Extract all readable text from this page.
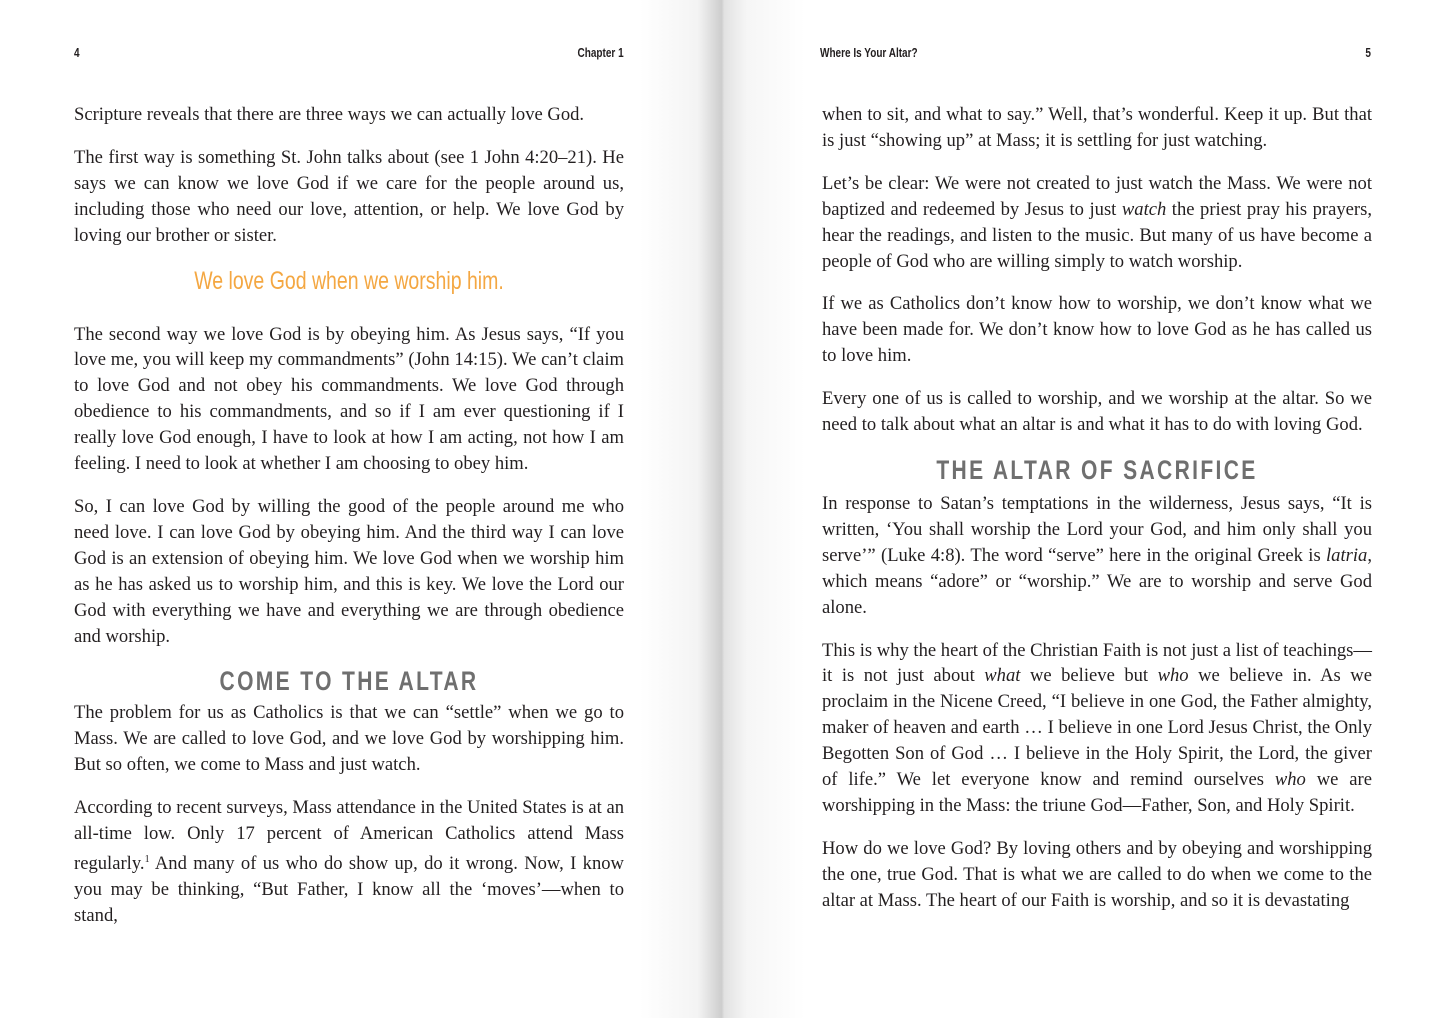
4	Chapter 1

Scripture reveals that there are three ways we can actually love God.

The first way is something St. John talks about (see 1 John 4:20–21). He says we can know we love God if we care for the people around us, including those who need our love, attention, or help. We love God by loving our brother or sister.

We love God when we worship him.

The second way we love God is by obeying him. As Jesus says, “If you love me, you will keep my commandments” (John 14:15). We can’t claim to love God and not obey his commandments. We love God through obedience to his commandments, and so if I am ever questioning if I really love God enough, I have to look at how I am acting, not how I am feeling. I need to look at whether I am choosing to obey him.

So, I can love God by willing the good of the people around me who need love. I can love God by obeying him. And the third way I can love God is an extension of obeying him. We love God when we worship him as he has asked us to worship him, and this is key. We love the Lord our God with everything we have and everything we are through obedience and worship.

COME TO THE ALTAR

The problem for us as Catholics is that we can “settle” when we go to Mass. We are called to love God, and we love God by worshipping him. But so often, we come to Mass and just watch.

According to recent surveys, Mass attendance in the United States is at an all-time low. Only 17 percent of American Catholics attend Mass regularly.$^1$ And many of us who do show up, do it wrong. Now, I know you may be thinking, “But Father, I know all the ‘moves’—when to stand,

Where Is Your Altar?	5

when to sit, and what to say.” Well, that’s wonderful. Keep it up. But that is just “showing up” at Mass; it is settling for just watching.

Let’s be clear: We were not created to just watch the Mass. We were not baptized and redeemed by Jesus to just watch the priest pray his prayers, hear the readings, and listen to the music. But many of us have become a people of God who are willing simply to watch worship.

If we as Catholics don’t know how to worship, we don’t know what we have been made for. We don’t know how to love God as he has called us to love him.

Every one of us is called to worship, and we worship at the altar. So we need to talk about what an altar is and what it has to do with loving God.

THE ALTAR OF SACRIFICE

In response to Satan’s temptations in the wilderness, Jesus says, “It is written, ‘You shall worship the Lord your God, and him only shall you serve’” (Luke 4:8). The word “serve” here in the original Greek is latria, which means “adore” or “worship.” We are to worship and serve God alone.

This is why the heart of the Christian Faith is not just a list of teachings—it is not just about what we believe but who we believe in. As we proclaim in the Nicene Creed, “I believe in one God, the Father almighty, maker of heaven and earth … I believe in one Lord Jesus Christ, the Only Begotten Son of God … I believe in the Holy Spirit, the Lord, the giver of life.” We let everyone know and remind ourselves who we are worshipping in the Mass: the triune God—Father, Son, and Holy Spirit.

How do we love God? By loving others and by obeying and worshipping the one, true God. That is what we are called to do when we come to the altar at Mass. The heart of our Faith is worship, and so it is devastating
